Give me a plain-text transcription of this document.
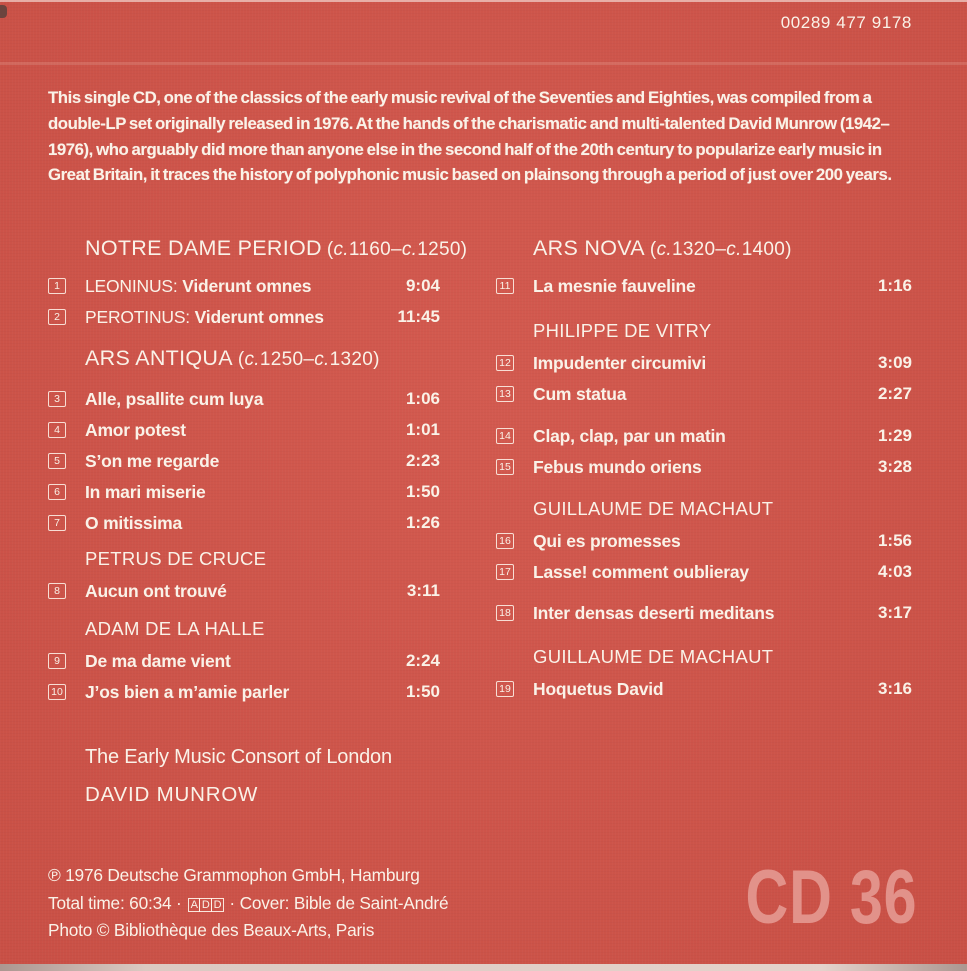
00289 477 9178

This single CD, one of the classics of the early music revival of the Seventies and Eighties, was compiled from a double-LP set originally released in 1976. At the hands of the charismatic and multi-talented David Munrow (1942–1976), who arguably did more than anyone else in the second half of the 20th century to popularize early music in Great Britain, it traces the history of polyphonic music based on plainsong through a period of just over 200 years.

NOTRE DAME PERIOD (c.1160–c.1250)
1	LEONINUS: Viderunt omnes	9:04
2	PEROTINUS: Viderunt omnes	11:45
ARS ANTIQUA (c.1250–c.1320)
3	Alle, psallite cum luya	1:06
4	Amor potest	1:01
5	S’on me regarde	2:23
6	In mari miserie	1:50
7	O mitissima	1:26
PETRUS DE CRUCE
8	Aucun ont trouvé	3:11
ADAM DE LA HALLE
9	De ma dame vient	2:24
10 J’os bien a m’amie parler	1:50
ARS NOVA (c.1320–c.1400)
11 La mesnie fauveline	1:16
PHILIPPE DE VITRY
12 Impudenter circumivi	3:09
13 Cum statua	2:27
14 Clap, clap, par un matin	1:29
15 Febus mundo oriens	3:28
GUILLAUME DE MACHAUT
16 Qui es promesses	1:56
17 Lasse! comment oublieray	4:03
18 Inter densas deserti meditans	3:17
GUILLAUME DE MACHAUT
19 Hoquetus David	3:16
The Early Music Consort of London
DAVID MUNROW
℗ 1976 Deutsche Grammophon GmbH, Hamburg
Total time: 60:34 · A D D · Cover: Bible de Saint-André
Photo © Bibliothèque des Beaux-Arts, Paris	CD 36
